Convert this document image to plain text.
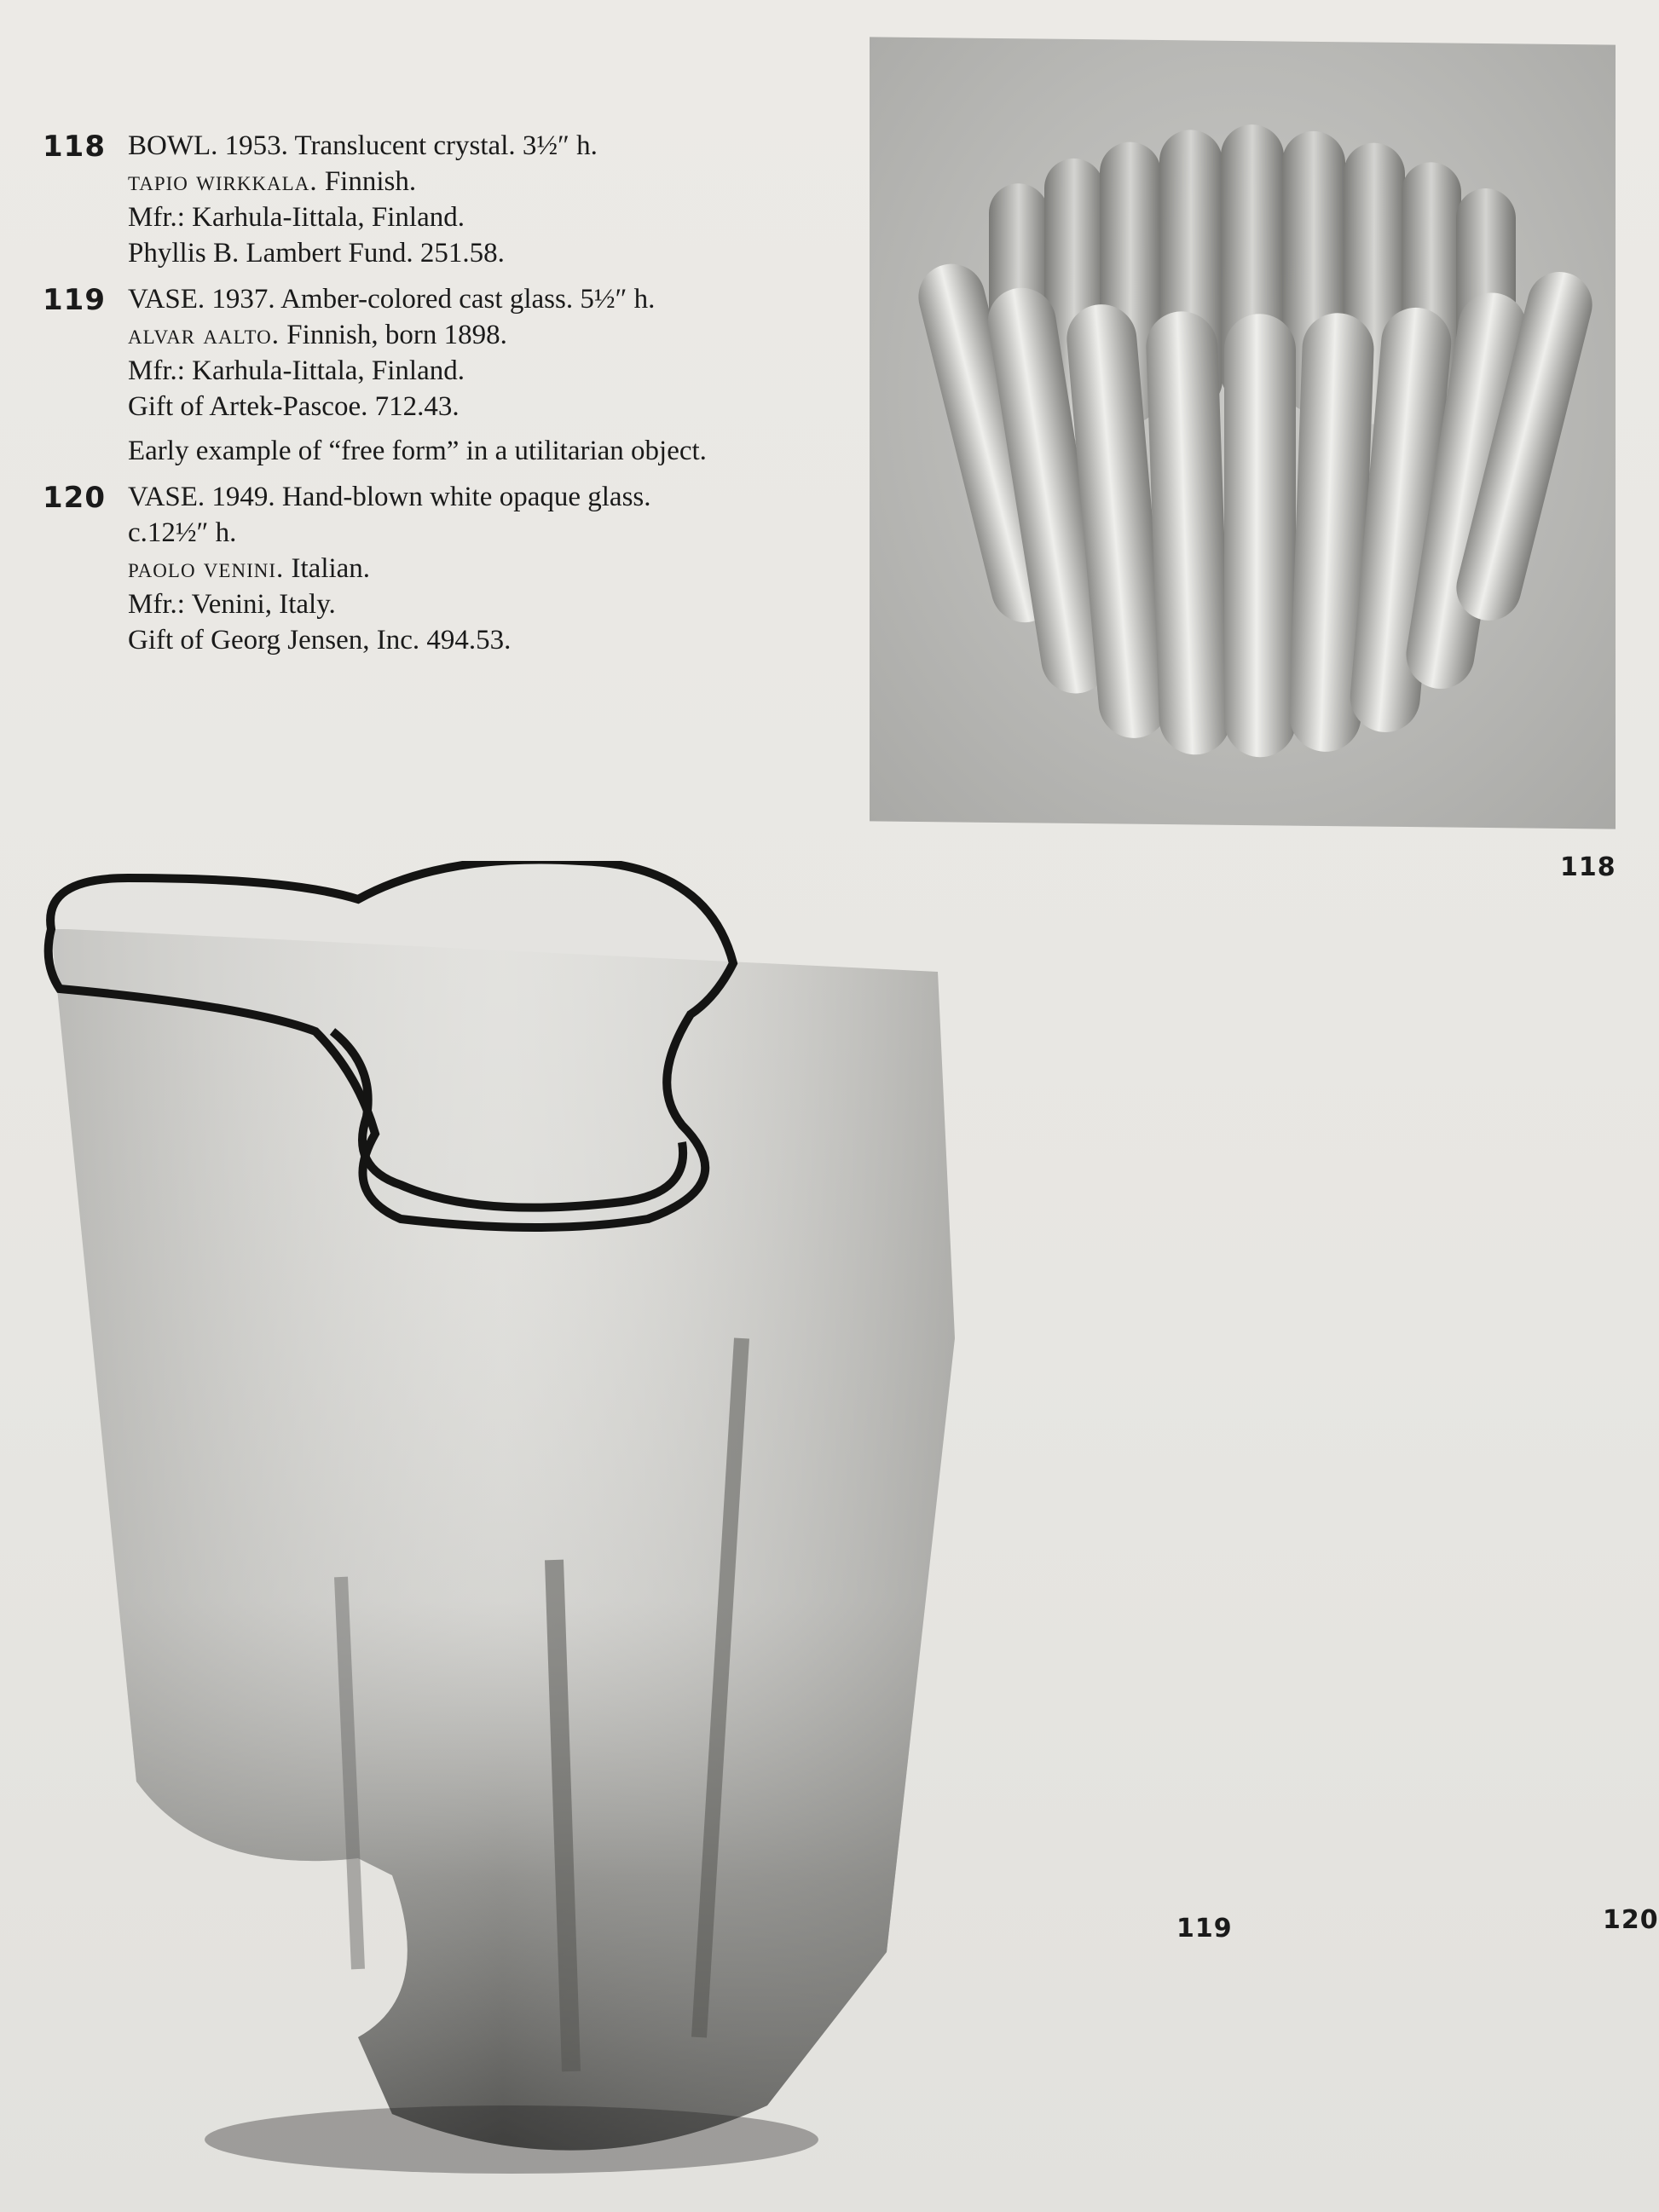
118 BOWL. 1953. Translucent crystal. 3½″ h.
tapio wirkkala. Finnish.
Mfr.: Karhula-Iittala, Finland.
Phyllis B. Lambert Fund. 251.58.
119 VASE. 1937. Amber-colored cast glass. 5½″ h.
alvar aalto. Finnish, born 1898.
Mfr.: Karhula-Iittala, Finland.
Gift of Artek-Pascoe. 712.43.
Early example of “free form” in a utilitarian object.
120 VASE. 1949. Hand-blown white opaque glass.
c.12½″ h.
paolo venini. Italian.
Mfr.: Venini, Italy.
Gift of Georg Jensen, Inc. 494.53.
118
119	120
